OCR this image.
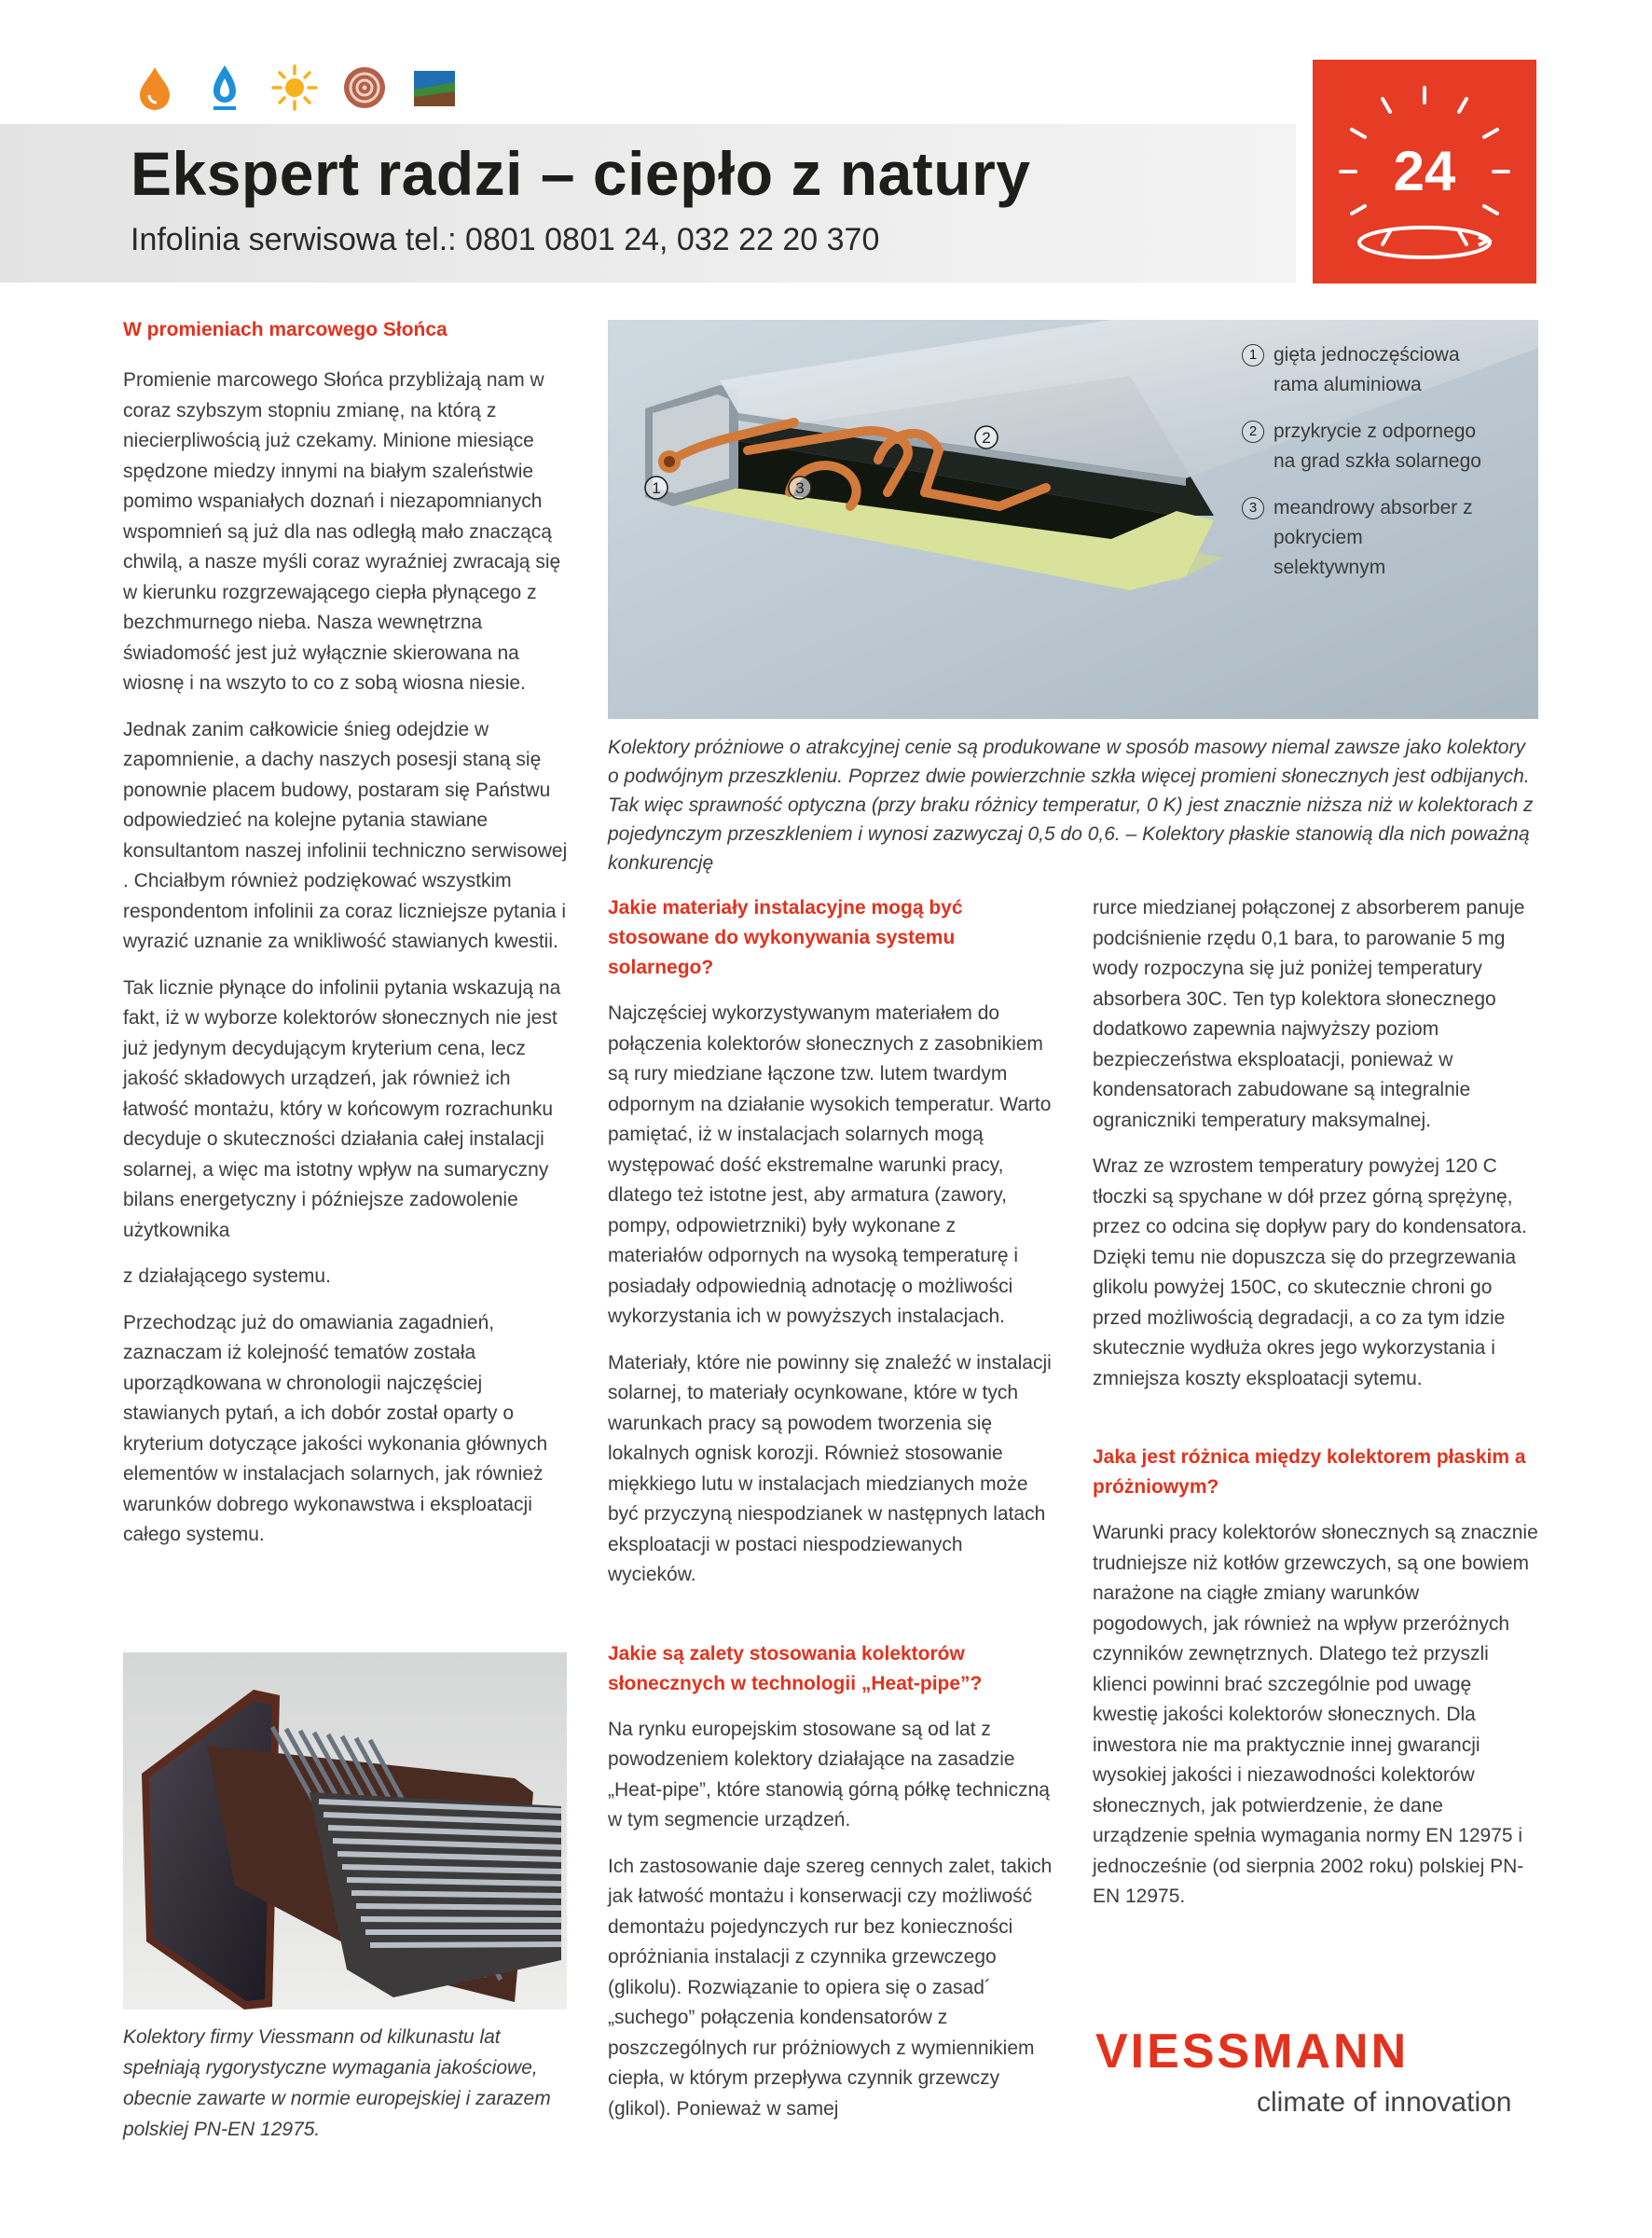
Ekspert radzi – ciepło z natury
Infolinia serwisowa tel.: 0801 0801 24, 032 22 20 370
24
W promieniach marcowego Słońca

Promienie marcowego Słońca przybliżają nam w coraz szybszym stopniu zmianę, na którą z niecierpliwością już czekamy. Minione miesiące spędzone miedzy innymi na białym szaleństwie pomimo wspaniałych doznań i niezapomnianych wspomnień są już dla nas odległą mało znaczącą chwilą, a nasze myśli coraz wyraźniej zwracają się w kierunku rozgrzewającego ciepła płynącego z bezchmurnego nieba. Nasza wewnętrzna świadomość jest już wyłącznie skierowana na wiosnę i na wszyto to co z sobą wiosna niesie.

Jednak zanim całkowicie śnieg odejdzie w zapomnienie, a dachy naszych posesji staną się ponownie placem budowy, postaram się Państwu odpowiedzieć na kolejne pytania stawiane konsultantom naszej infolinii techniczno serwisowej . Chciałbym również podziękować wszystkim respondentom infolinii za coraz liczniejsze pytania i wyrazić uznanie za wnikliwość stawianych kwestii.

Tak licznie płynące do infolinii pytania wskazują na fakt, iż w wyborze kolektorów słonecznych nie jest już jedynym decydującym kryterium cena, lecz jakość składowych urządzeń, jak również ich łatwość montażu, który w końcowym rozrachunku decyduje o skuteczności działania całej instalacji solarnej, a więc ma istotny wpływ na sumaryczny bilans energetyczny i późniejsze zadowolenie użytkownika

z działającego systemu.

Przechodząc już do omawiania zagadnień, zaznaczam iż kolejność tematów została uporządkowana w chronologii najczęściej stawianych pytań, a ich dobór został oparty o kryterium dotyczące jakości wykonania głównych elementów w instalacjach solarnych, jak również warunków dobrego wykonawstwa i eksploatacji całego systemu.

1
2
3
1 gięta jednoczęściowa rama aluminiowa
2 przykrycie z odpornego na grad szkła solarnego
3 meandrowy absorber z pokryciem selektywnym
Kolektory próżniowe o atrakcyjnej cenie są produkowane w sposób masowy niemal zawsze jako kolektory o podwójnym przeszkleniu. Poprzez dwie powierzchnie szkła więcej promieni słonecznych jest odbijanych. Tak więc sprawność optyczna (przy braku różnicy temperatur, 0 K) jest znacznie niższa niż w kolektorach z pojedynczym przeszkleniem i wynosi zazwyczaj 0,5 do 0,6. – Kolektory płaskie stanowią dla nich poważną konkurencję
Jakie materiały instalacyjne mogą być stosowane do wykonywania systemu solarnego?

Najczęściej wykorzystywanym materiałem do połączenia kolektorów słonecznych z zasobnikiem są rury miedziane łączone tzw. lutem twardym odpornym na działanie wysokich temperatur. Warto pamiętać, iż w instalacjach solarnych mogą występować dość ekstremalne warunki pracy, dlatego też istotne jest, aby armatura (zawory, pompy, odpowietrzniki) były wykonane z materiałów odpornych na wysoką temperaturę i posiadały odpowiednią adnotację o możliwości wykorzystania ich w powyższych instalacjach.

Materiały, które nie powinny się znaleźć w instalacji solarnej, to materiały ocynkowane, które w tych warunkach pracy są powodem tworzenia się lokalnych ognisk korozji. Również stosowanie miękkiego lutu w instalacjach miedzianych może być przyczyną niespodzianek w następnych latach eksploatacji w postaci niespodziewanych wycieków.

Jakie są zalety stosowania kolektorów słonecznych w technologii „Heat-pipe”?

Na rynku europejskim stosowane są od lat z powodzeniem kolektory działające na zasadzie „Heat-pipe”, które stanowią górną półkę techniczną w tym segmencie urządzeń.

Ich zastosowanie daje szereg cennych zalet, takich jak łatwość montażu i konserwacji czy możliwość demontażu pojedynczych rur bez konieczności opróżniania instalacji z czynnika grzewczego (glikolu). Rozwiązanie to opiera się o zasad´ „suchego” połączenia kondensatorów z poszczególnych rur próżniowych z wymiennikiem ciepła, w którym przepływa czynnik grzewczy (glikol). Ponieważ w samej

rurce miedzianej połączonej z absorberem panuje podciśnienie rzędu 0,1 bara, to parowanie 5 mg wody rozpoczyna się już poniżej temperatury absorbera 30C. Ten typ kolektora słonecznego dodatkowo zapewnia najwyższy poziom bezpieczeństwa eksploatacji, ponieważ w kondensatorach zabudowane są integralnie ograniczniki temperatury maksymalnej.

Wraz ze wzrostem temperatury powyżej 120 C tłoczki są spychane w dół przez górną sprężynę, przez co odcina się dopływ pary do kondensatora. Dzięki temu nie dopuszcza się do przegrzewania glikolu powyżej 150C, co skutecznie chroni go przed możliwością degradacji, a co za tym idzie skutecznie wydłuża okres jego wykorzystania i zmniejsza koszty eksploatacji sytemu.

Jaka jest różnica między kolektorem płaskim a próżniowym?

Warunki pracy kolektorów słonecznych są znacznie trudniejsze niż kotłów grzewczych, są one bowiem narażone na ciągłe zmiany warunków pogodowych, jak również na wpływ przeróżnych czynników zewnętrznych. Dlatego też przyszli klienci powinni brać szczególnie pod uwagę kwestię jakości kolektorów słonecznych. Dla inwestora nie ma praktycznie innej gwarancji wysokiej jakości i niezawodności kolektorów słonecznych, jak potwierdzenie, że dane urządzenie spełnia wymagania normy EN 12975 i jednocześnie (od sierpnia 2002 roku) polskiej PN-EN 12975.

Kolektory firmy Viessmann od kilkunastu lat spełniają rygorystyczne wymagania jakościowe, obecnie zawarte w normie europejskiej i zarazem polskiej PN-EN 12975.
VIESSMANN
climate of innovation
